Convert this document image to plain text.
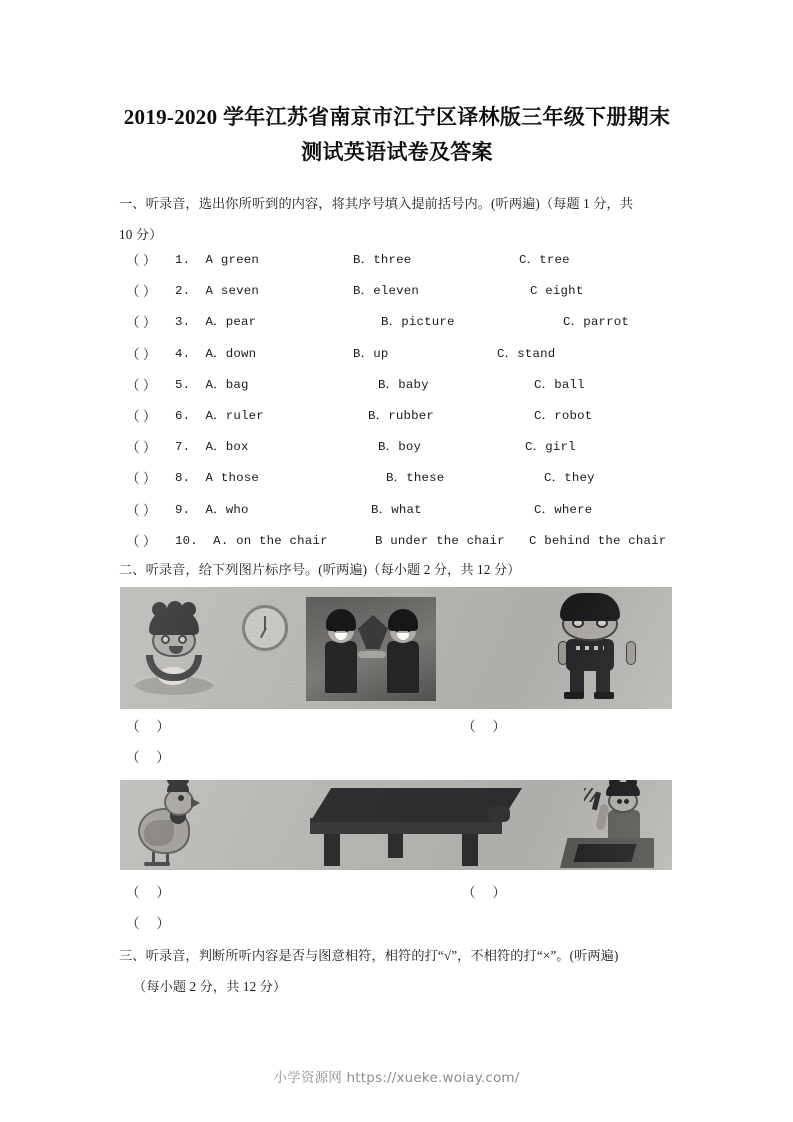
2019-2020 学年江苏省南京市江宁区译林版三年级下册期末
测试英语试卷及答案
一、听录音，选出你所听到的内容，将其序号填入提前括号内。(听两遍)（每题 1 分，共
10 分）
（ ） 1.  A green	B．three	C．tree
（ ） 2.  A seven	B．eleven	C eight
（ ） 3.  A．pear	B．picture	C．parrot
（ ） 4.  A．down	B．up	C．stand
（ ） 5.  A．bag	B．baby	C．ball
（ ） 6.  A．ruler	B．rubber	C．robot
（ ） 7.  A．box	B．boy	C．girl
（ ） 8.  A those	B．these	C．they
（ ） 9.  A．who	B．what	C．where
（ ） 10.  A. on the chair	B under the chair C behind the chair
二、听录音，给下列图片标序号。(听两遍)（每小题 2 分，共 12 分）
（     ）	（     ）
（     ）
（     ）	（     ）
（     ）
三、听录音，判断所听内容是否与图意相符，相符的打“√”，不相符的打“×”。(听两遍)
（每小题 2 分，共 12 分）
小学资源网 https://xueke.woiay.com/
